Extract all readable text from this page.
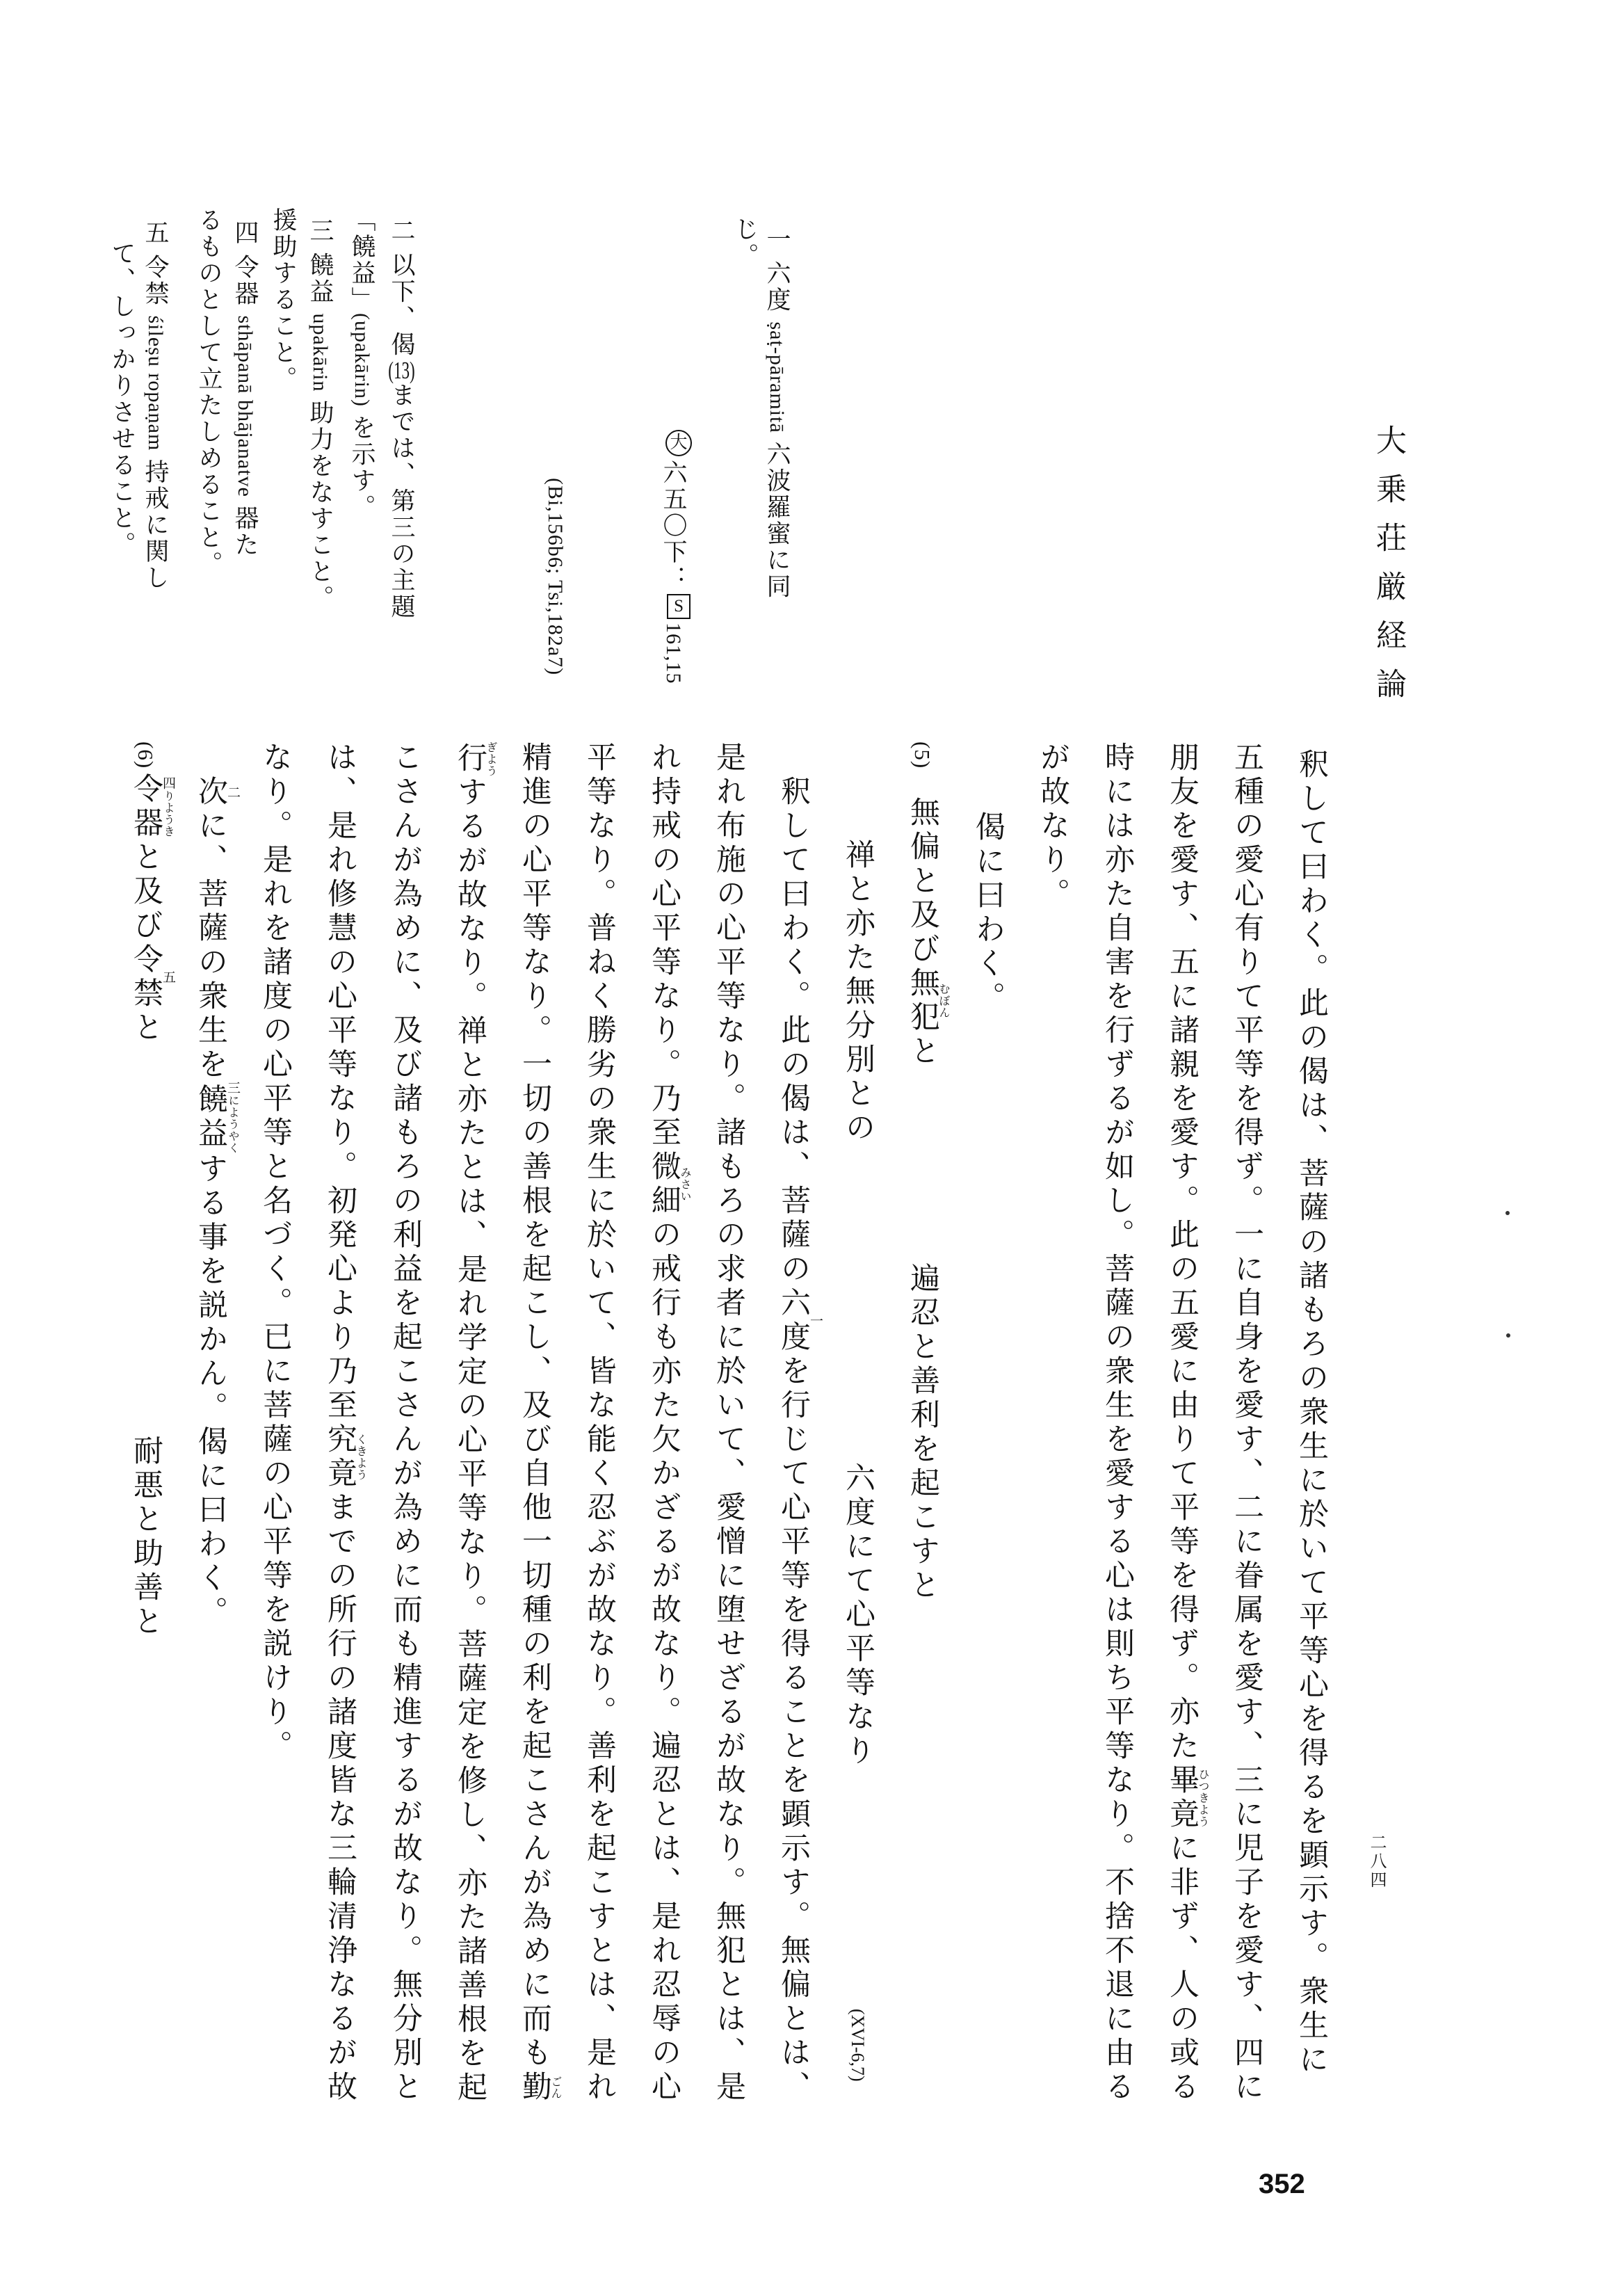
大乗荘厳経論
二八四
352
一 六度 ṣaṭ-pāramitā 六波羅蜜に同
じ。
大六五〇下：S161,15
(Bi,156b6; Tsi,182a7)
二 以下、偈(13)までは、第三の主題
「饒益」(upakārin) を示す。
三 饒益 upakārin 助力をなすこと。
援助すること。
四 令器 sthāpanā bhājanatve 器た
るものとして立たしめること。
五 令禁 śileṣu ropaṇam 持戒に関し
て、しっかりさせること。
釈して曰わく。此の偈は、菩薩の諸もろの衆生に於いて平等心を得るを顕示す。衆生に
五種の愛心有りて平等を得ず。一に自身を愛す、二に眷属を愛す、三に児子を愛す、四に
朋友を愛す、五に諸親を愛す。此の五愛に由りて平等を得ず。亦た畢竟ひつきように非ず、人の或る
時には亦た自害を行ずるが如し。菩薩の衆生を愛する心は則ち平等なり。不捨不退に由る
が故なり。
偈に曰わく。
(5)無偏と及び無犯むぼんと遍忍と善利を起こすと
禅と亦た無分別との六度にて心平等なり(XVI-6,7)
釈して曰わく。此の偈は、菩薩の六度一を行じて心平等を得ることを顕示す。無偏とは、
是れ布施の心平等なり。諸もろの求者に於いて、愛憎に堕せざるが故なり。無犯とは、是
れ持戒の心平等なり。乃至微細みさいの戒行も亦た欠かざるが故なり。遍忍とは、是れ忍辱の心
平等なり。普ねく勝劣の衆生に於いて、皆な能く忍ぶが故なり。善利を起こすとは、是れ
精進の心平等なり。一切の善根を起こし、及び自他一切種の利を起こさんが為めに而も勤ごん
行ぎようするが故なり。禅と亦たとは、是れ学定の心平等なり。菩薩定を修し、亦た諸善根を起
こさんが為めに、及び諸もろの利益を起こさんが為めに而も精進するが故なり。無分別と
は、是れ修慧の心平等なり。初発心より乃至究竟くきようまでの所行の諸度皆な三輪清浄なるが故
なり。是れを諸度の心平等と名づく。已に菩薩の心平等を説けり。
次二に、菩薩の衆生を饒益三にようやくする事を説かん。偈に曰わく。
(6)令器四りようきと及び令禁五と耐悪と助善と
